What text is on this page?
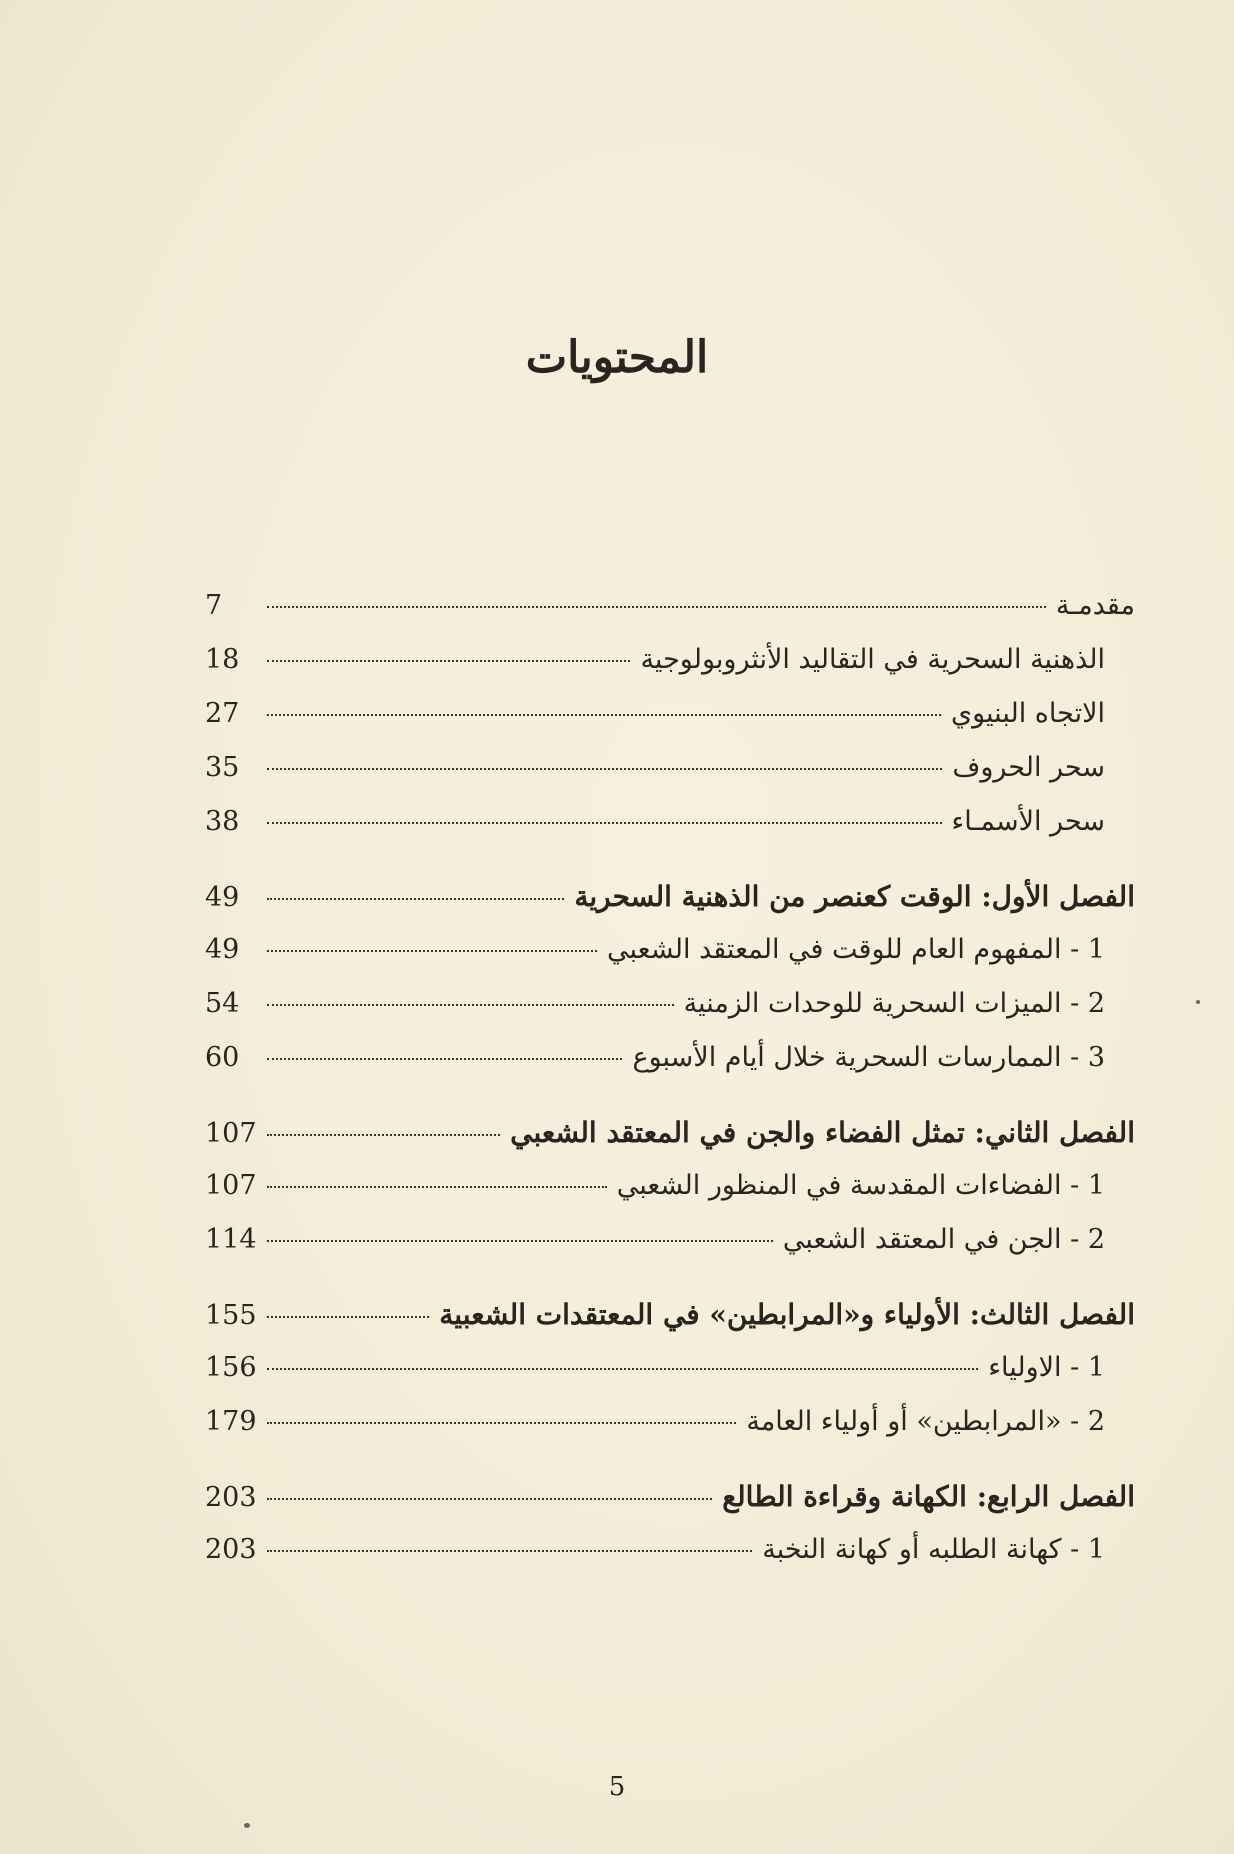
المحتويات
مقدمـة
7
الذهنية السحرية في التقاليد الأنثروبولوجية
18
الاتجاه البنيوي
27
سحر الحروف
35
سحر الأسمـاء
38
الفصل الأول: الوقت كعنصر من الذهنية السحرية
49
1 - المفهوم العام للوقت في المعتقد الشعبي
49
2 - الميزات السحرية للوحدات الزمنية
54
3 - الممارسات السحرية خلال أيام الأسبوع
60
الفصل الثاني: تمثل الفضاء والجن في المعتقد الشعبي
107
1 - الفضاءات المقدسة في المنظور الشعبي
107
2 - الجن في المعتقد الشعبي
114
الفصل الثالث: الأولياء و«المرابطين» في المعتقدات الشعبية
155
1 - الاولياء
156
2 - «المرابطين» أو أولياء العامة
179
الفصل الرابع: الكهانة وقراءة الطالع
203
1 - كهانة الطلبه أو كهانة النخبة
203
5
